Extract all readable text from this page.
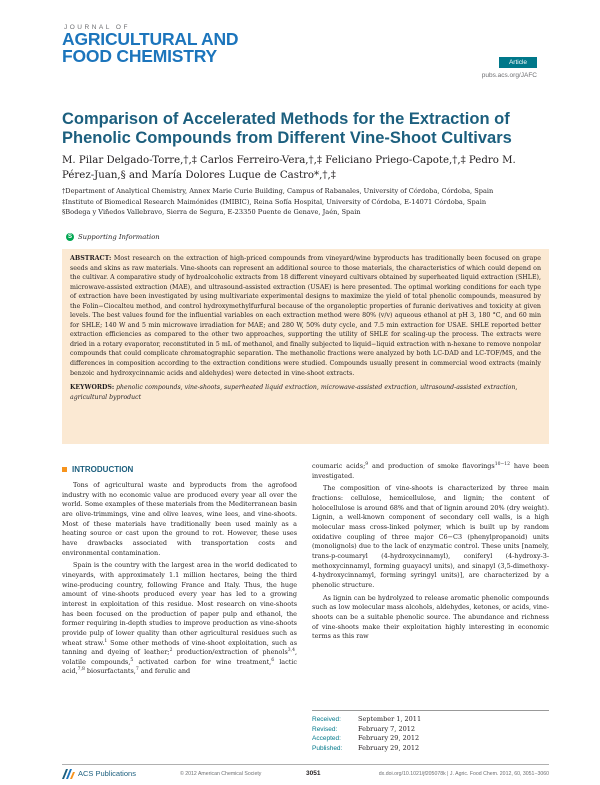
JOURNAL OF
AGRICULTURAL AND
FOOD CHEMISTRY	Article
pubs.acs.org/JAFC
Comparison of Accelerated Methods for the Extraction of Phenolic Compounds from Different Vine-Shoot Cultivars
M. Pilar Delgado-Torre,†,‡ Carlos Ferreiro-Vera,†,‡ Feliciano Priego-Capote,†,‡ Pedro M. Pérez-Juan,§ and María Dolores Luque de Castro*,†,‡
†Department of Analytical Chemistry, Annex Marie Curie Building, Campus of Rabanales, University of Córdoba, Córdoba, Spain
‡Institute of Biomedical Research Maimónides (IMIBIC), Reina Sofía Hospital, University of Córdoba, E-14071 Córdoba, Spain
§Bodega y Viñedos Vallebravo, Sierra de Segura, E-23350 Puente de Genave, Jaén, Spain
S Supporting Information

ABSTRACT: Most research on the extraction of high-priced compounds from vineyard/wine byproducts has traditionally been focused on grape seeds and skins as raw materials. Vine-shoots can represent an additional source to those materials, the characteristics of which could depend on the cultivar. A comparative study of hydroalcoholic extracts from 18 different vineyard cultivars obtained by superheated liquid extraction (SHLE), microwave-assisted extraction (MAE), and ultrasound-assisted extraction (USAE) is here presented. The optimal working conditions for each type of extraction have been investigated by using multivariate experimental designs to maximize the yield of total phenolic compounds, measured by the Folin−Ciocalteu method, and control hydroxymethylfurfural because of the organoleptic properties of furanic derivatives and toxicity at given levels. The best values found for the influential variables on each extraction method were 80% (v/v) aqueous ethanol at pH 3, 180 °C, and 60 min for SHLE; 140 W and 5 min microwave irradiation for MAE; and 280 W, 50% duty cycle, and 7.5 min extraction for USAE. SHLE reported better extraction efficiencies as compared to the other two approaches, supporting the utility of SHLE for scaling-up the process. The extracts were dried in a rotary evaporator, reconstituted in 5 mL of methanol, and finally subjected to liquid−liquid extraction with n-hexane to remove nonpolar compounds that could complicate chromatographic separation. The methanolic fractions were analyzed by both LC-DAD and LC-TOF/MS, and the differences in composition according to the extraction conditions were studied. Compounds usually present in commercial wood extracts (mainly benzoic and hydroxycinnamic acids and aldehydes) were detected in vine-shoot extracts.

KEYWORDS: phenolic compounds, vine-shoots, superheated liquid extraction, microwave-assisted extraction, ultrasound-assisted extraction, agricultural byproduct

INTRODUCTION

Tons of agricultural waste and byproducts from the agrofood industry with no economic value are produced every year all over the world. Some examples of these materials from the Mediterranean basin are olive-trimmings, vine and olive leaves, wine lees, and vine-shoots. Most of these materials have traditionally been used mainly as a heating source or cast upon the ground to rot. However, these uses have drawbacks associated with transportation costs and environmental contamination.

Spain is the country with the largest area in the world dedicated to vineyards, with approximately 1.1 million hectares, being the third wine-producing country, following France and Italy. Thus, the huge amount of vine-shoots produced every year has led to a growing interest in exploitation of this residue. Most research on vine-shoots has been focused on the production of paper pulp and ethanol, the former requiring in-depth studies to improve production as vine-shoots provide pulp of lower quality than other agricultural residues such as wheat straw.$^1$ Some other methods of vine-shoot exploitation, such as tanning and dyeing of leather;$^2$ production/extraction of phenols$^{3,4}$, volatile compounds,$^5$ activated carbon for wine treatment,$^6$ lactic acid,$^{7,8}$ biosurfactants,$^7$ and ferulic and

coumaric acids;$^9$ and production of smoke flavorings$^{10-12}$ have been investigated.

The composition of vine-shoots is characterized by three main fractions: cellulose, hemicellulose, and lignin; the content of holocellulose is around 68% and that of lignin around 20% (dry weight). Lignin, a well-known component of secondary cell walls, is a high molecular mass cross-linked polymer, which is built up by random oxidative coupling of three major C6−C3 (phenylpropanoid) units (monolignols) due to the lack of enzymatic control. These units [namely, trans-p-coumaryl (4-hydroxycinnamyl), coniferyl (4-hydroxy-3-methoxycinnamyl, forming guayacyl units), and sinapyl (3,5-dimethoxy-4-hydroxycinnamyl, forming syringyl units)], are characterized by a phenolic structure.

As lignin can be hydrolyzed to release aromatic phenolic compounds such as low molecular mass alcohols, aldehydes, ketones, or acids, vine-shoots can be a suitable phenolic source. The abundance and richness of vine-shoots make their exploitation highly interesting in economic terms as this raw

Received:	September 1, 2011
Revised:	February 7, 2012
Accepted:	February 29, 2012
Published:	February 29, 2012
ACS Publications	© 2012 American Chemical Society	3051	dx.doi.org/10.1021/jf205078k | J. Agric. Food Chem. 2012, 60, 3051−3060
